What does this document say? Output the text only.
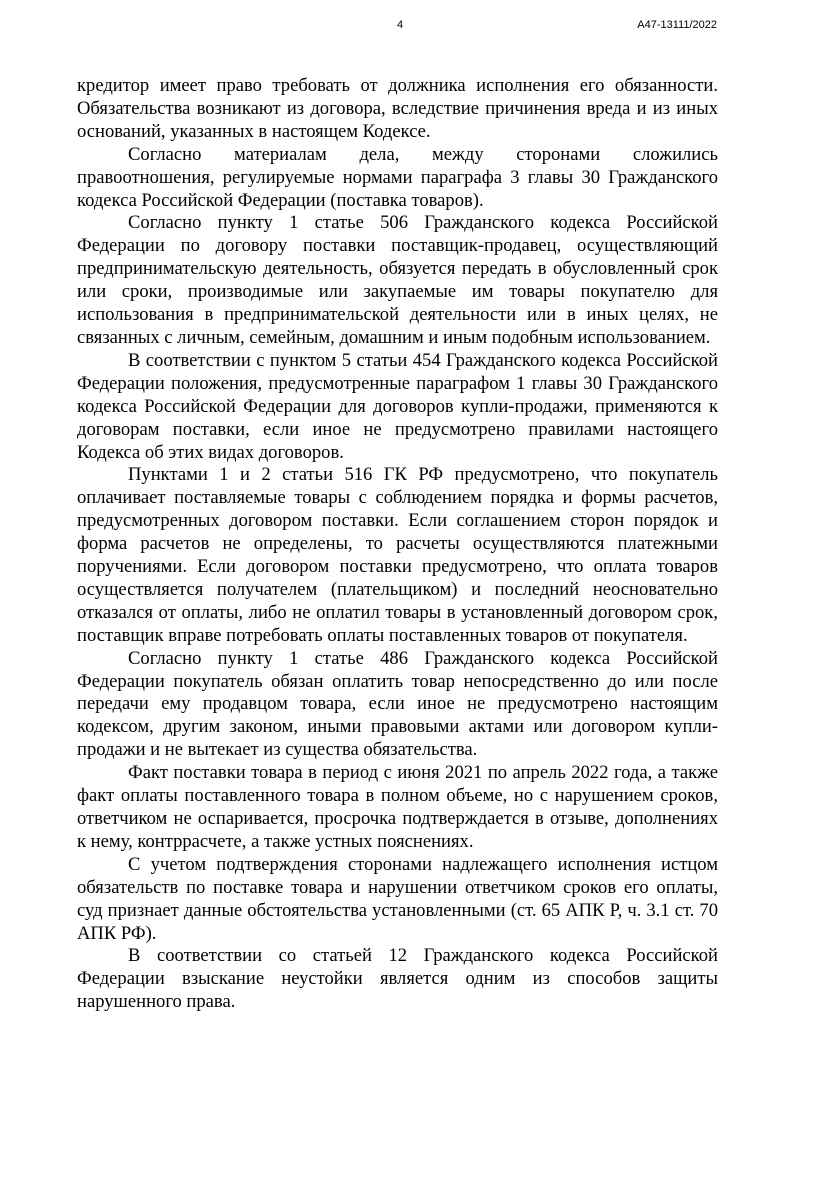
4	А47-13111/2022

кредитор имеет право требовать от должника исполнения его обязанности. Обязательства возникают из договора, вследствие причинения вреда и из иных оснований, указанных в настоящем Кодексе.

Согласно материалам дела, между сторонами сложились правоотношения, регулируемые нормами параграфа 3 главы 30 Гражданского кодекса Российской Федерации (поставка товаров).

Согласно пункту 1 статье 506 Гражданского кодекса Российской Федерации по договору поставки поставщик-продавец, осуществляющий предпринимательскую деятельность, обязуется передать в обусловленный срок или сроки, производимые или закупаемые им товары покупателю для использования в предпринимательской деятельности или в иных целях, не связанных с личным, семейным, домашним и иным подобным использованием.

В соответствии с пунктом 5 статьи 454 Гражданского кодекса Российской Федерации положения, предусмотренные параграфом 1 главы 30 Гражданского кодекса Российской Федерации для договоров купли-продажи, применяются к договорам поставки, если иное не предусмотрено правилами настоящего Кодекса об этих видах договоров.

Пунктами 1 и 2 статьи 516 ГК РФ предусмотрено, что покупатель оплачивает поставляемые товары с соблюдением порядка и формы расчетов, предусмотренных договором поставки. Если соглашением сторон порядок и форма расчетов не определены, то расчеты осуществляются платежными поручениями. Если договором поставки предусмотрено, что оплата товаров осуществляется получателем (плательщиком) и последний неосновательно отказался от оплаты, либо не оплатил товары в установленный договором срок, поставщик вправе потребовать оплаты поставленных товаров от покупателя.

Согласно пункту 1 статье 486 Гражданского кодекса Российской Федерации покупатель обязан оплатить товар непосредственно до или после передачи ему продавцом товара, если иное не предусмотрено настоящим кодексом, другим законом, иными правовыми актами или договором купли-продажи и не вытекает из существа обязательства.

Факт поставки товара в период с июня 2021 по апрель 2022 года, а также факт оплаты поставленного товара в полном объеме, но с нарушением сроков, ответчиком не оспаривается, просрочка подтверждается в отзыве, дополнениях к нему, контррасчете, а также устных пояснениях.

С учетом подтверждения сторонами надлежащего исполнения истцом обязательств по поставке товара и нарушении ответчиком сроков его оплаты, суд признает данные обстоятельства установленными (ст. 65 АПК Р, ч. 3.1 ст. 70 АПК РФ).

В соответствии со статьей 12 Гражданского кодекса Российской Федерации взыскание неустойки является одним из способов защиты нарушенного права.
